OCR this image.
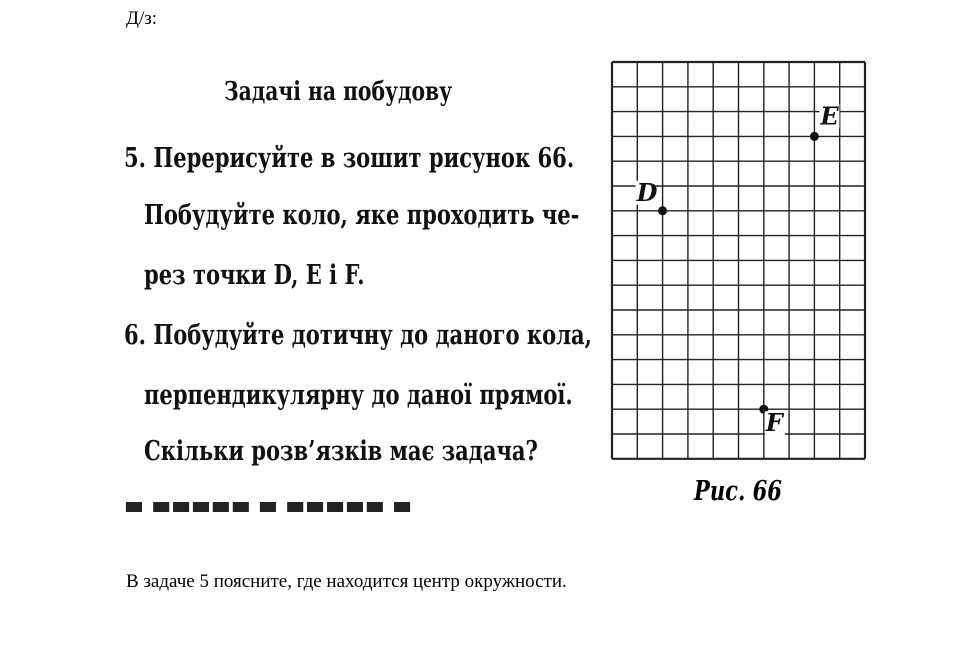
Д/з:
Задачі на побудову
5. Перерисуйте в зошит рисунок 66.
Побудуйте коло, яке проходить че-
рез точки D, E і F.
6. Побудуйте дотичну до даного кола,
перпендикулярну до даної прямої.
Скільки розв’язків має задача?
▬ ▬▬▬▬▬ ▬ ▬▬▬▬▬ ▬
D
E
F
Рис. 66
В задаче 5 поясните, где находится центр окружности.
